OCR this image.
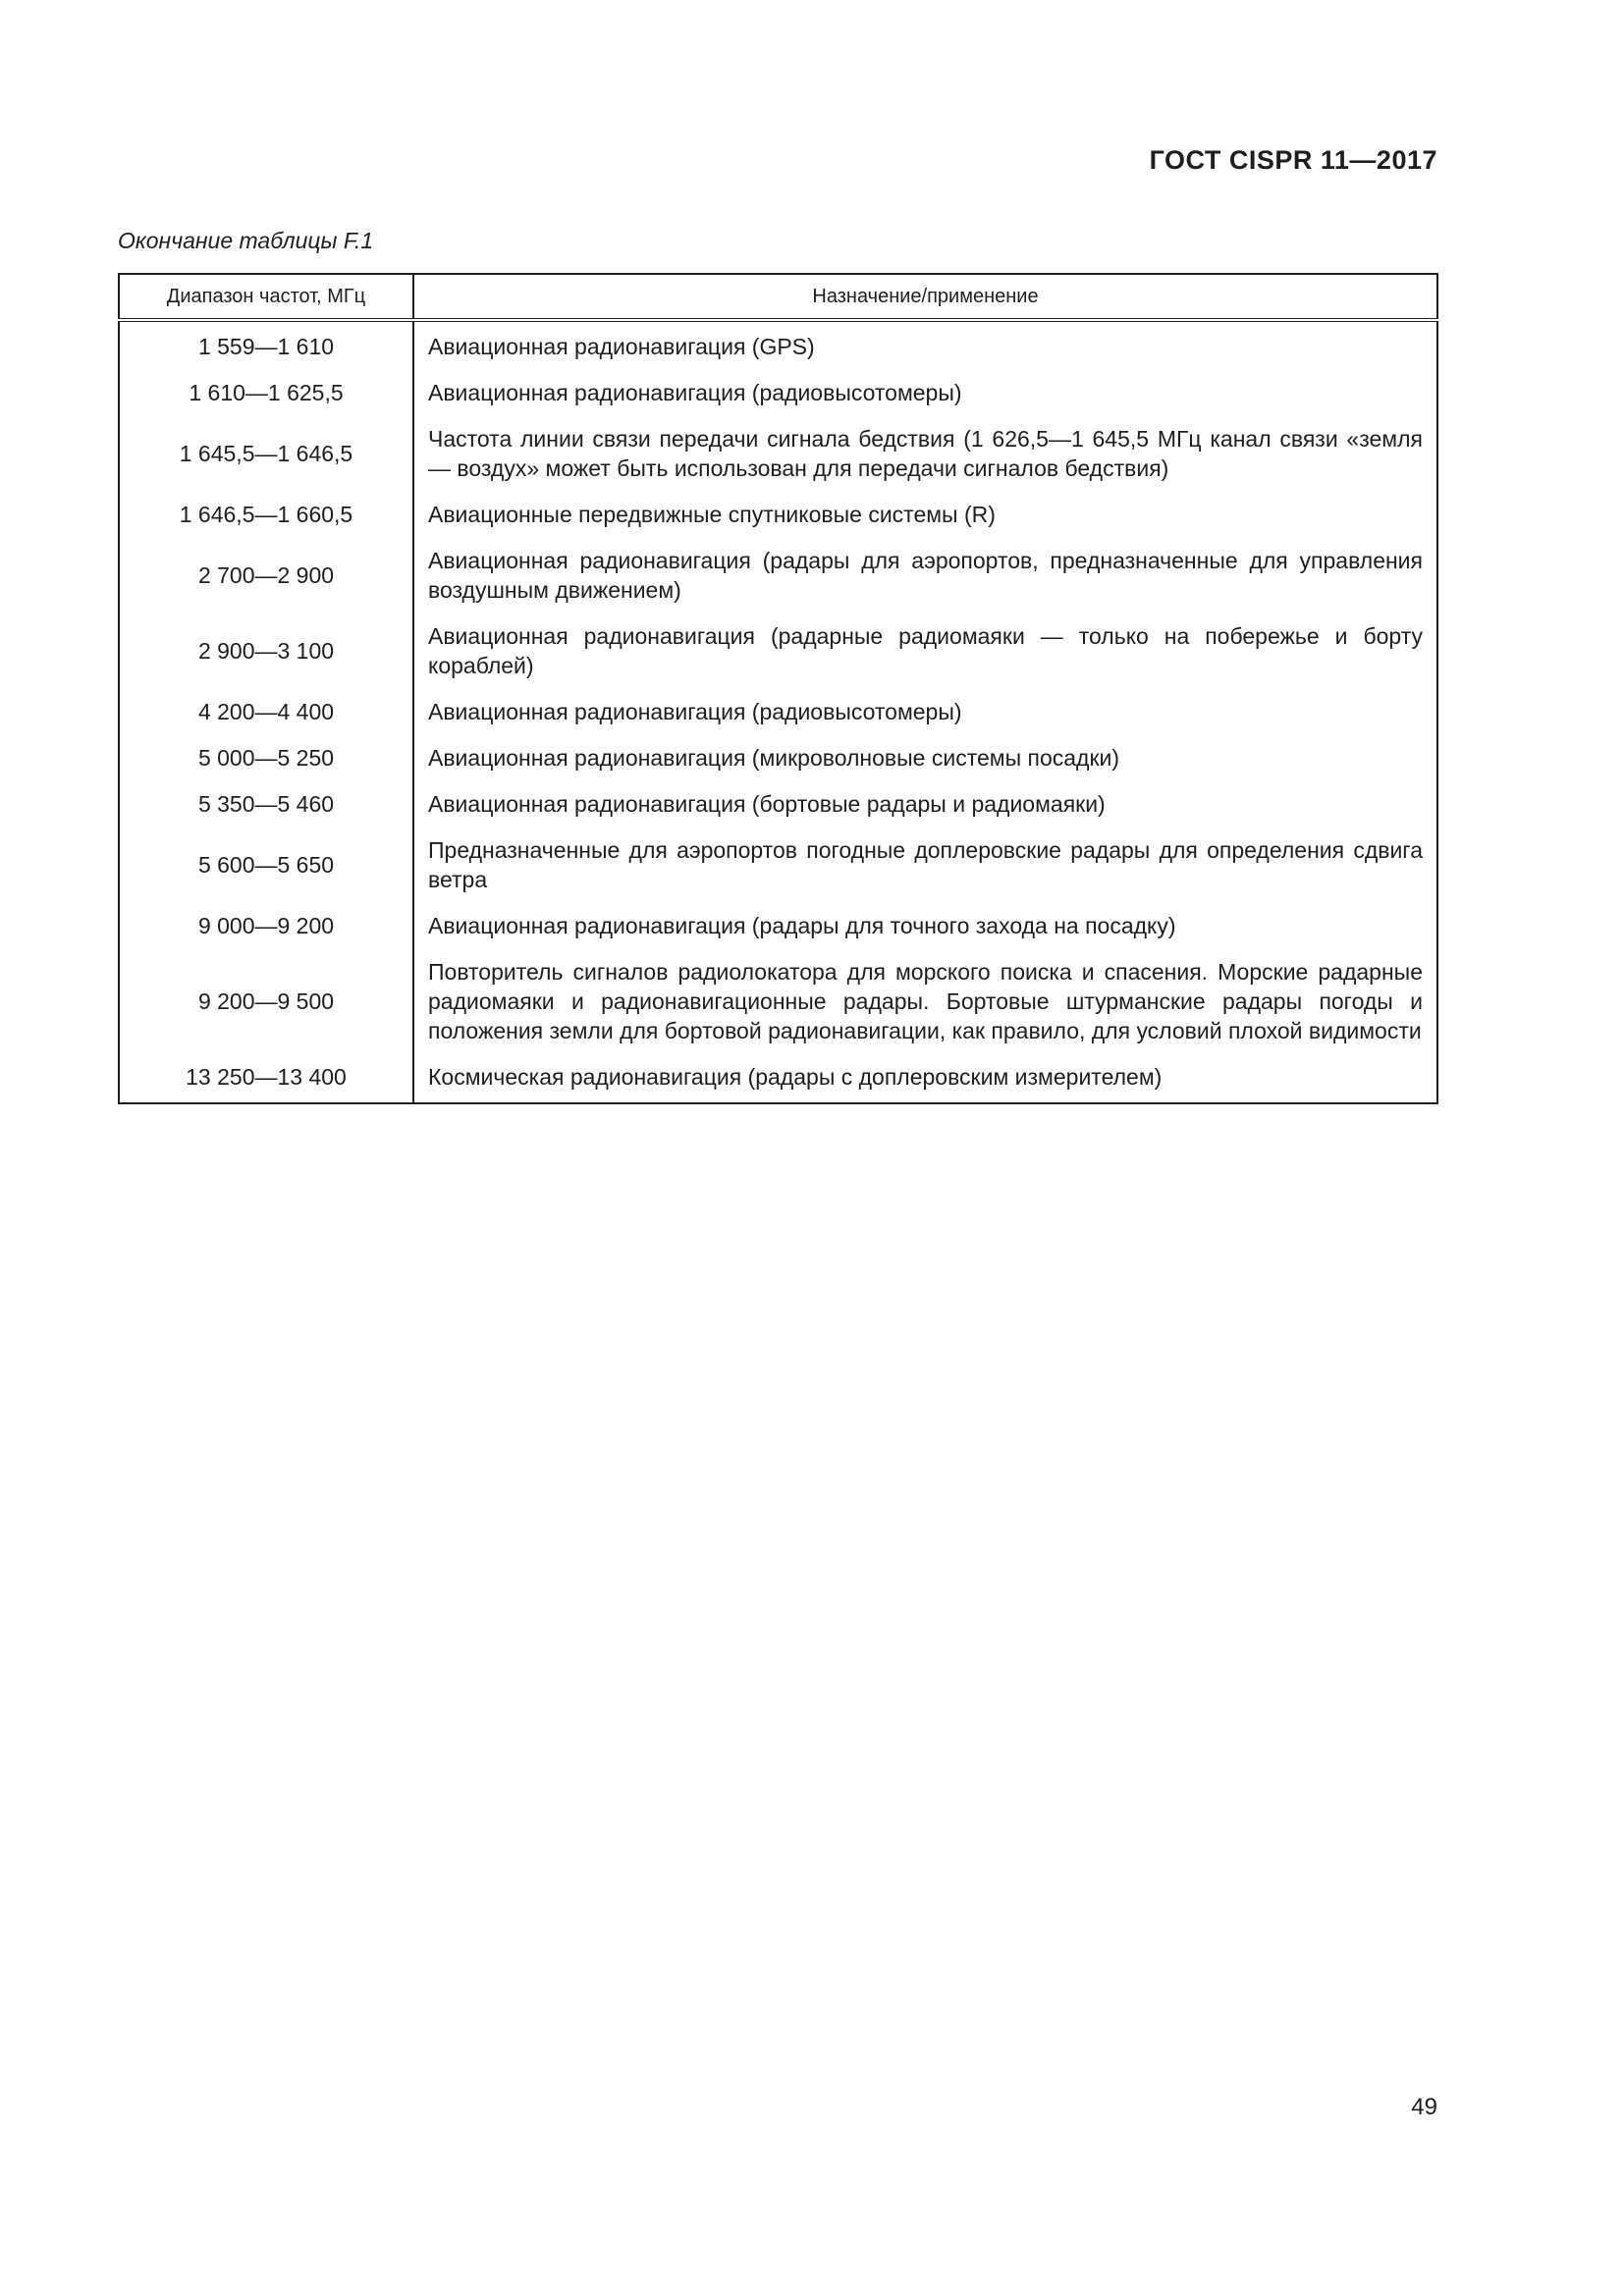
ГОСТ CISPR 11—2017
Окончание таблицы F.1
Диапазон частот, МГц	Назначение/применение
1 559—1 610	Авиационная радионавигация (GPS)
1 610—1 625,5	Авиационная радионавигация (радиовысотомеры)
1 645,5—1 646,5	Частота линии связи передачи сигнала бедствия (1 626,5—1 645,5 МГц канал связи «земля — воздух» может быть использован для передачи сигналов бедствия)
1 646,5—1 660,5	Авиационные передвижные спутниковые системы (R)
2 700—2 900	Авиационная радионавигация (радары для аэропортов, предназначенные для управления воздушным движением)
2 900—3 100	Авиационная радионавигация (радарные радиомаяки — только на побережье и борту кораблей)
4 200—4 400	Авиационная радионавигация (радиовысотомеры)
5 000—5 250	Авиационная радионавигация (микроволновые системы посадки)
5 350—5 460	Авиационная радионавигация (бортовые радары и радиомаяки)
5 600—5 650	Предназначенные для аэропортов погодные доплеровские радары для определения сдвига ветра
9 000—9 200	Авиационная радионавигация (радары для точного захода на посадку)
9 200—9 500	Повторитель сигналов радиолокатора для морского поиска и спасения. Морские радарные радиомаяки и радионавигационные радары. Бортовые штурманские радары погоды и положения земли для бортовой радионавигации, как правило, для условий плохой видимости
13 250—13 400	Космическая радионавигация (радары с доплеровским измерителем)
49
